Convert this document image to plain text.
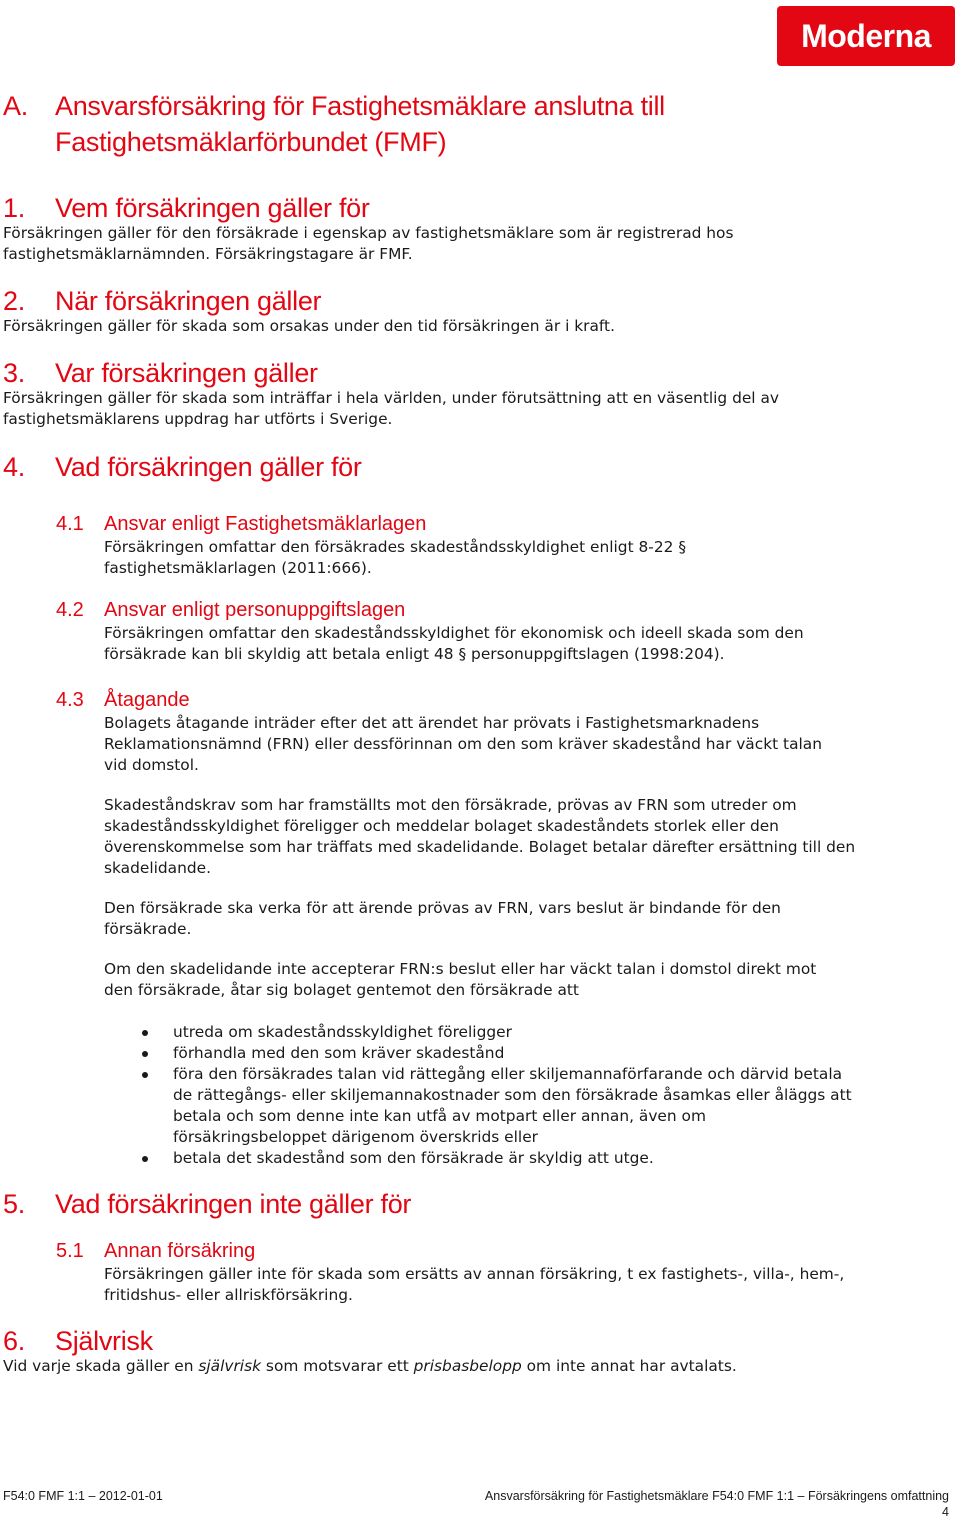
Moderna
A. Ansvarsförsäkring för Fastighetsmäklare anslutna till
Fastighetsmäklarförbundet (FMF)
1. Vem försäkringen gäller för
Försäkringen gäller för den försäkrade i egenskap av fastighetsmäklare som är registrerad hos fastighetsmäklarnämnden. Försäkringstagare är FMF.
2. När försäkringen gäller
Försäkringen gäller för skada som orsakas under den tid försäkringen är i kraft.
3. Var försäkringen gäller
Försäkringen gäller för skada som inträffar i hela världen, under förutsättning att en väsentlig del av fastighetsmäklarens uppdrag har utförts i Sverige.
4. Vad försäkringen gäller för
4.1 Ansvar enligt Fastighetsmäklarlagen
Försäkringen omfattar den försäkrades skadeståndsskyldighet enligt 8-22 § fastighetsmäklarlagen (2011:666).
4.2 Ansvar enligt personuppgiftslagen
Försäkringen omfattar den skadeståndsskyldighet för ekonomisk och ideell skada som den försäkrade kan bli skyldig att betala enligt 48 § personuppgiftslagen (1998:204).
4.3 Åtagande
Bolagets åtagande inträder efter det att ärendet har prövats i Fastighetsmarknadens Reklamationsnämnd (FRN) eller dessförinnan om den som kräver skadestånd har väckt talan vid domstol.
Skadeståndskrav som har framställts mot den försäkrade, prövas av FRN som utreder om skadeståndsskyldighet föreligger och meddelar bolaget skadeståndets storlek eller den överenskommelse som har träffats med skadelidande. Bolaget betalar därefter ersättning till den skadelidande.
Den försäkrade ska verka för att ärende prövas av FRN, vars beslut är bindande för den försäkrade.
Om den skadelidande inte accepterar FRN:s beslut eller har väckt talan i domstol direkt mot den försäkrade, åtar sig bolaget gentemot den försäkrade att
utreda om skadeståndsskyldighet föreligger
förhandla med den som kräver skadestånd
föra den försäkrades talan vid rättegång eller skiljemannaförfarande och därvid betala de rättegångs- eller skiljemannakostnader som den försäkrade åsamkas eller åläggs att betala och som denne inte kan utfå av motpart eller annan, även om försäkringsbeloppet därigenom överskrids eller
betala det skadestånd som den försäkrade är skyldig att utge.
5. Vad försäkringen inte gäller för
5.1 Annan försäkring
Försäkringen gäller inte för skada som ersätts av annan försäkring, t ex fastighets-, villa-, hem-, fritidshus- eller allriskförsäkring.
6. Självrisk
Vid varje skada gäller en självrisk som motsvarar ett prisbasbelopp om inte annat har avtalats.
F54:0 FMF 1:1 – 2012-01-01	Ansvarsförsäkring för Fastighetsmäklare F54:0 FMF 1:1 – Försäkringens omfattning
4
